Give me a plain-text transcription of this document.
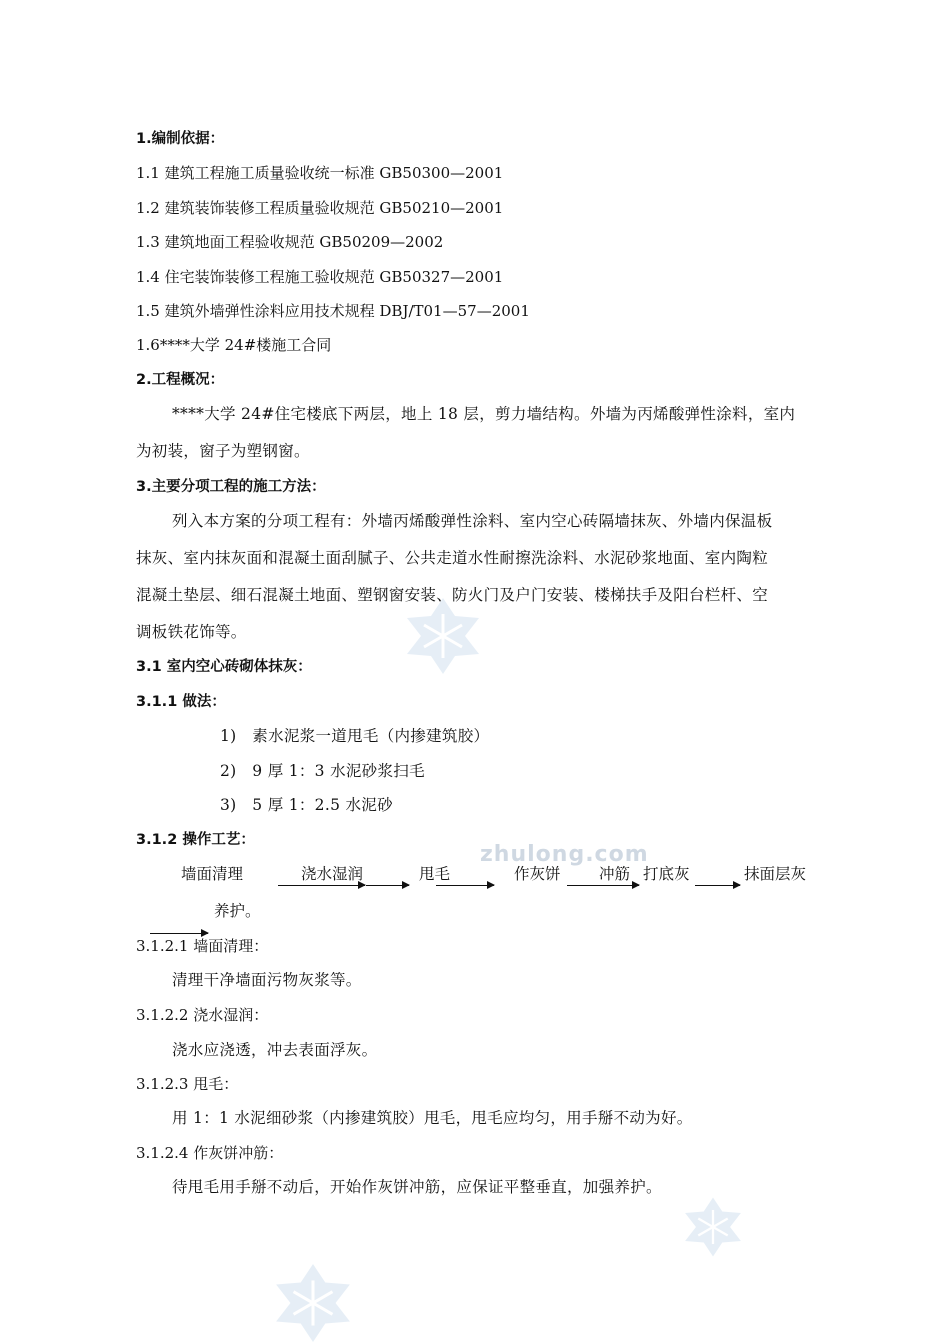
zhulong.com
1.编制依据：
1.1 建筑工程施工质量验收统一标准 GB50300—2001
1.2 建筑装饰装修工程质量验收规范 GB50210—2001
1.3 建筑地面工程验收规范 GB50209—2002
1.4 住宅装饰装修工程施工验收规范 GB50327—2001
1.5 建筑外墙弹性涂料应用技术规程 DBJ/T01—57—2001
1.6****大学 24#楼施工合同
2.工程概况：
****大学 24#住宅楼底下两层，地上 18 层，剪力墙结构。外墙为丙烯酸弹性涂料，室内
为初装，窗子为塑钢窗。
3.主要分项工程的施工方法：
列入本方案的分项工程有：外墙丙烯酸弹性涂料、室内空心砖隔墙抹灰、外墙内保温板
抹灰、室内抹灰面和混凝土面刮腻子、公共走道水性耐擦洗涂料、水泥砂浆地面、室内陶粒
混凝土垫层、细石混凝土地面、塑钢窗安装、防火门及户门安装、楼梯扶手及阳台栏杆、空
调板铁花饰等。
3.1 室内空心砖砌体抹灰：
3.1.1 做法：
1)　素水泥浆一道甩毛（内掺建筑胶）
2)　9 厚 1：3 水泥砂浆扫毛
3)　5 厚 1：2.5 水泥砂
3.1.2 操作工艺：
墙面清理	浇水湿润	甩毛	作灰饼 冲筋 打底灰	抹面层灰
养护。
3.1.2.1 墙面清理：
清理干净墙面污物灰浆等。
3.1.2.2 浇水湿润：
浇水应浇透，冲去表面浮灰。
3.1.2.3 甩毛：
用 1：1 水泥细砂浆（内掺建筑胶）甩毛，甩毛应均匀，用手掰不动为好。
3.1.2.4 作灰饼冲筋：
待甩毛用手掰不动后，开始作灰饼冲筋，应保证平整垂直，加强养护。
